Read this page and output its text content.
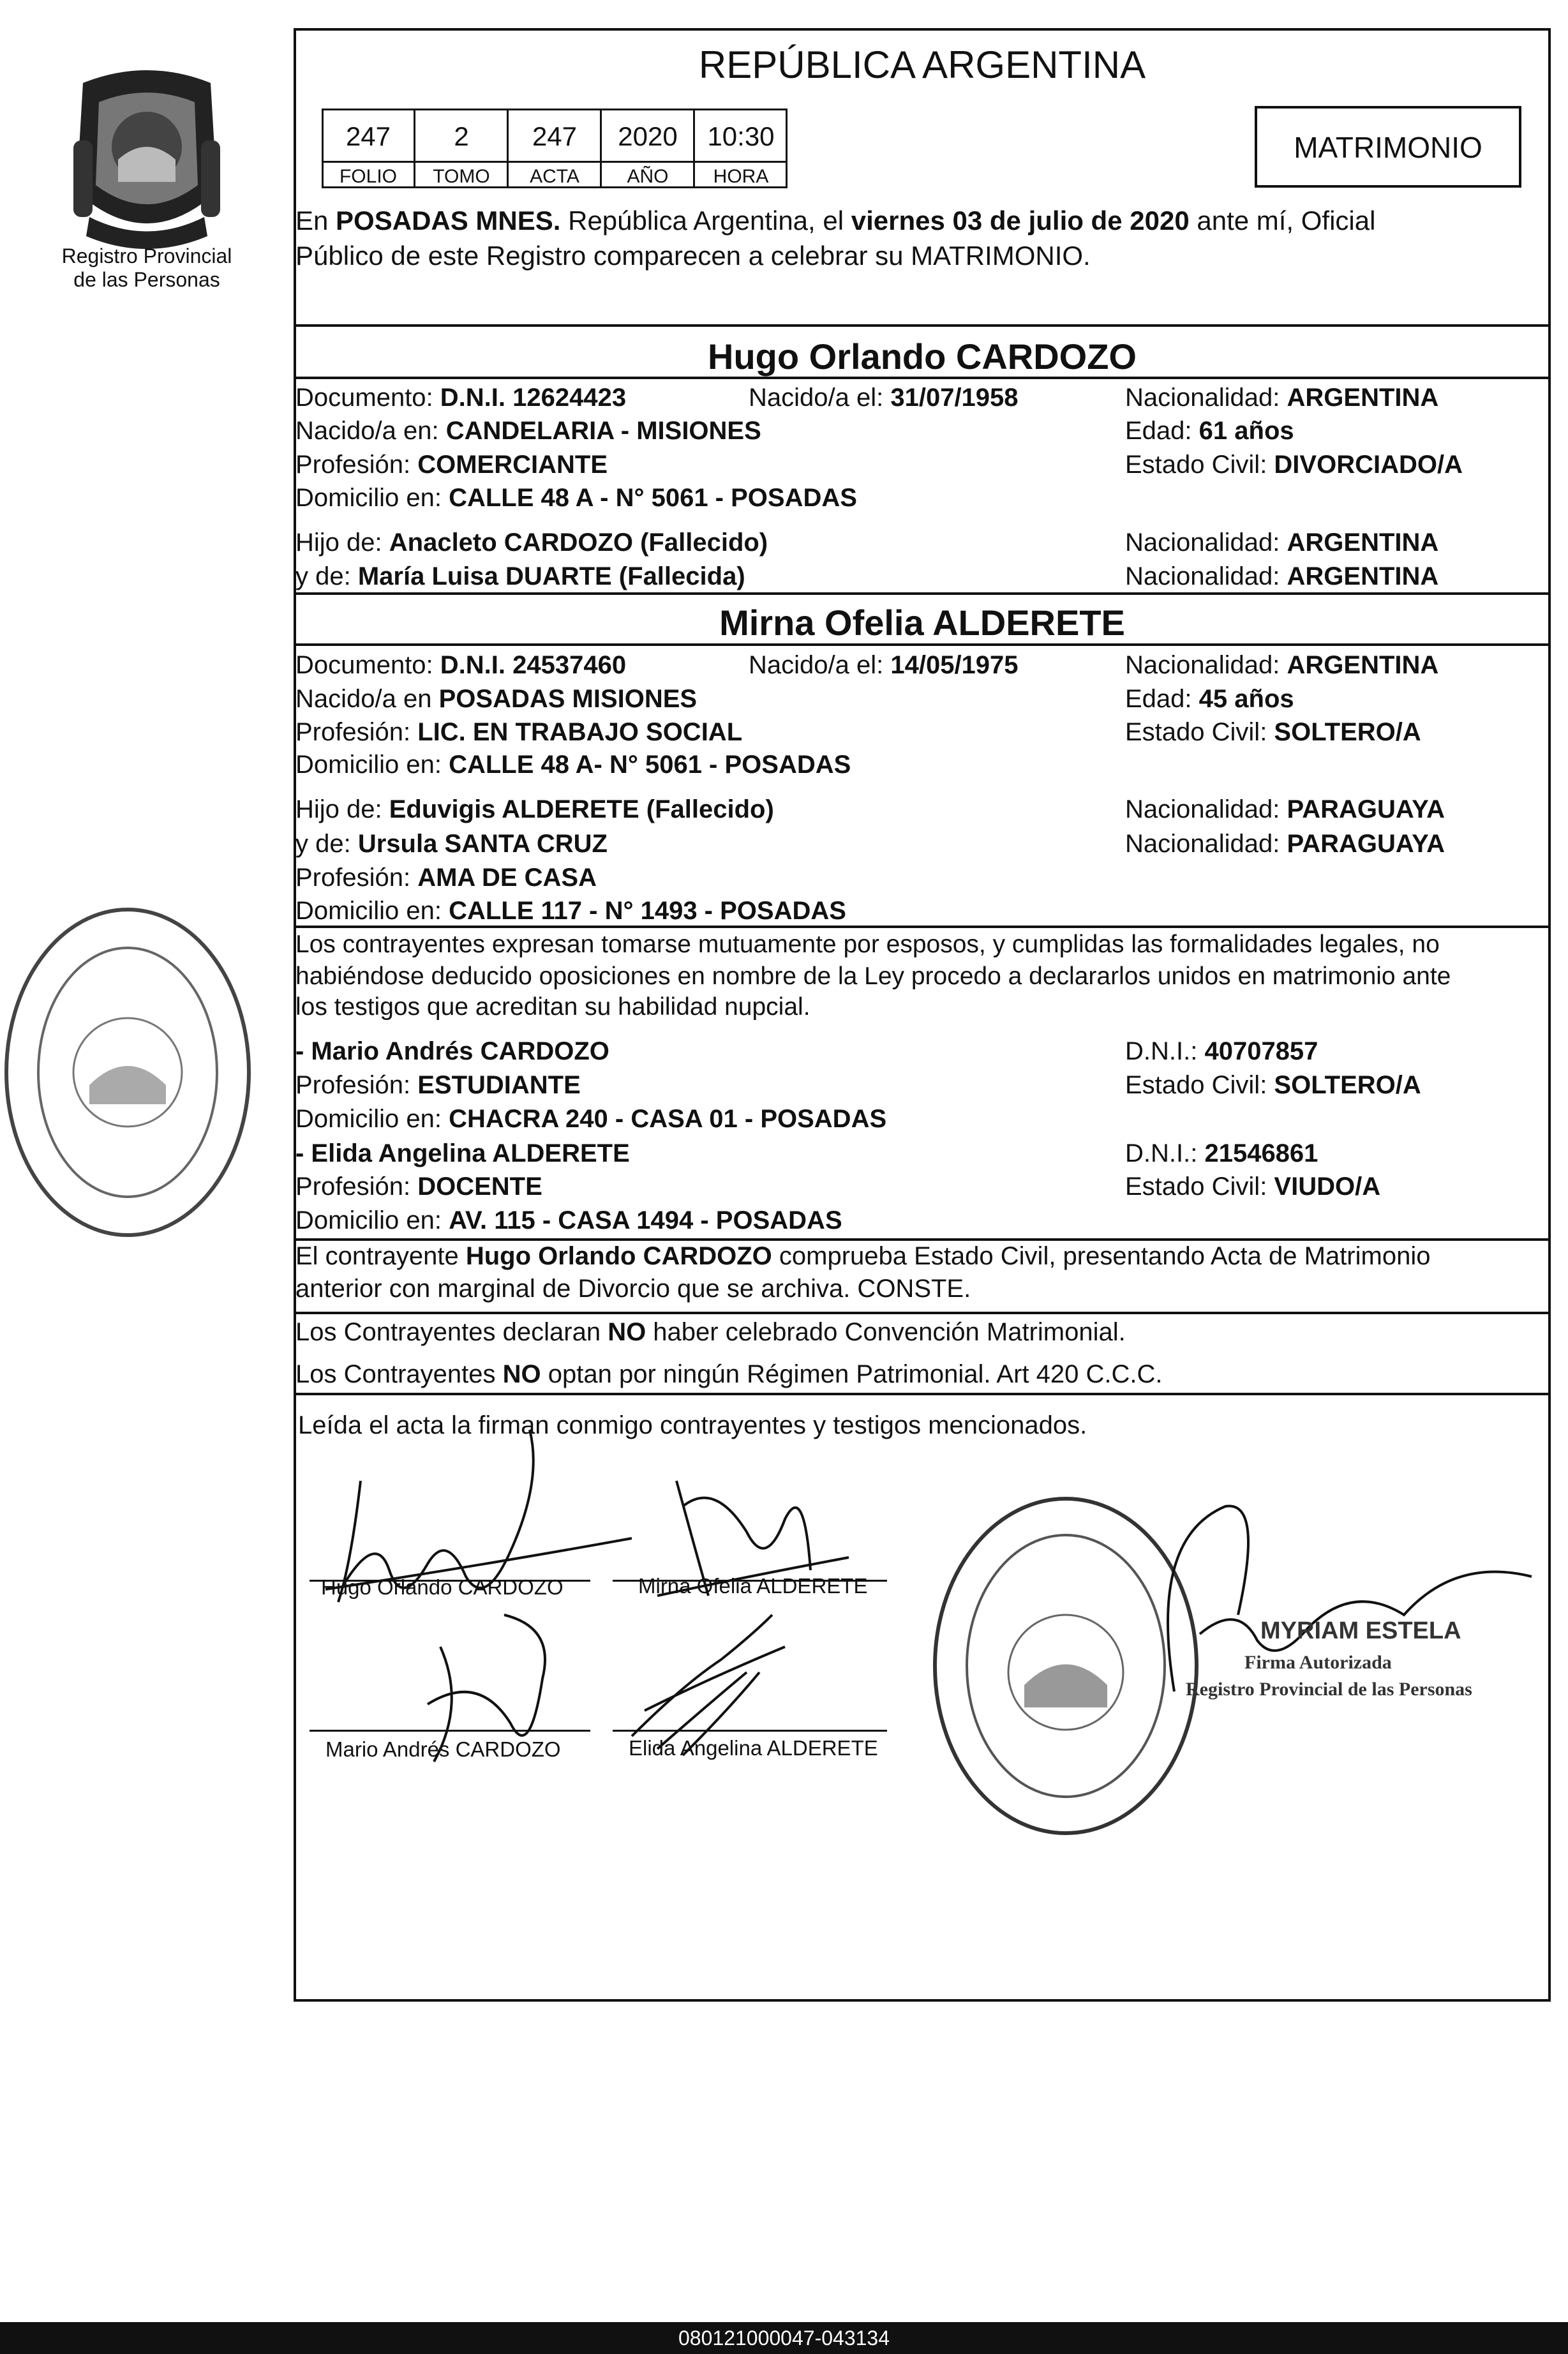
Registro Provincial
de las Personas
REPÚBLICA ARGENTINA
247	2	247	2020	10:30
FOLIO	TOMO	ACTA	AÑO	HORA
MATRIMONIO
En POSADAS MNES. República Argentina, el viernes 03 de julio de 2020 ante mí, Oficial
Público de este Registro comparecen a celebrar su MATRIMONIO.
Hugo Orlando CARDOZO
Documento: D.N.I. 12624423	Nacido/a el: 31/07/1958	Nacionalidad: ARGENTINA
Nacido/a en: CANDELARIA - MISIONES	Edad: 61 años
Profesión: COMERCIANTE	Estado Civil: DIVORCIADO/A
Domicilio en: CALLE 48 A - N° 5061 - POSADAS
Hijo de: Anacleto CARDOZO (Fallecido)	Nacionalidad: ARGENTINA
y de: María Luisa DUARTE (Fallecida)	Nacionalidad: ARGENTINA
Mirna Ofelia ALDERETE
Documento: D.N.I. 24537460	Nacido/a el: 14/05/1975	Nacionalidad: ARGENTINA
Nacido/a en POSADAS MISIONES	Edad: 45 años
Profesión: LIC. EN TRABAJO SOCIAL	Estado Civil: SOLTERO/A
Domicilio en: CALLE 48 A- N° 5061 - POSADAS
Hijo de: Eduvigis ALDERETE (Fallecido)	Nacionalidad: PARAGUAYA
y de: Ursula SANTA CRUZ	Nacionalidad: PARAGUAYA
Profesión: AMA DE CASA
Domicilio en: CALLE 117 - N° 1493 - POSADAS
Los contrayentes expresan tomarse mutuamente por esposos, y cumplidas las formalidades legales, no
habiéndose deducido oposiciones en nombre de la Ley procedo a declararlos unidos en matrimonio ante
los testigos que acreditan su habilidad nupcial.
- Mario Andrés CARDOZO	D.N.I.: 40707857
Profesión: ESTUDIANTE	Estado Civil: SOLTERO/A
Domicilio en: CHACRA 240 - CASA 01 - POSADAS
- Elida Angelina ALDERETE	D.N.I.: 21546861
Profesión: DOCENTE	Estado Civil: VIUDO/A
Domicilio en: AV. 115 - CASA 1494 - POSADAS
El contrayente Hugo Orlando CARDOZO comprueba Estado Civil, presentando Acta de Matrimonio
anterior con marginal de Divorcio que se archiva. CONSTE.
Los Contrayentes declaran NO haber celebrado Convención Matrimonial.
Los Contrayentes NO optan por ningún Régimen Patrimonial. Art 420 C.C.C.
Leída el acta la firman conmigo contrayentes y testigos mencionados.
Hugo Orlando CARDOZO	Mirna Ofelia ALDERETE
Mario Andrés CARDOZO	Elida Angelina ALDERETE
MYRIAM ESTELA
Firma Autorizada
Registro Provincial de las Personas
080121000047-043134
